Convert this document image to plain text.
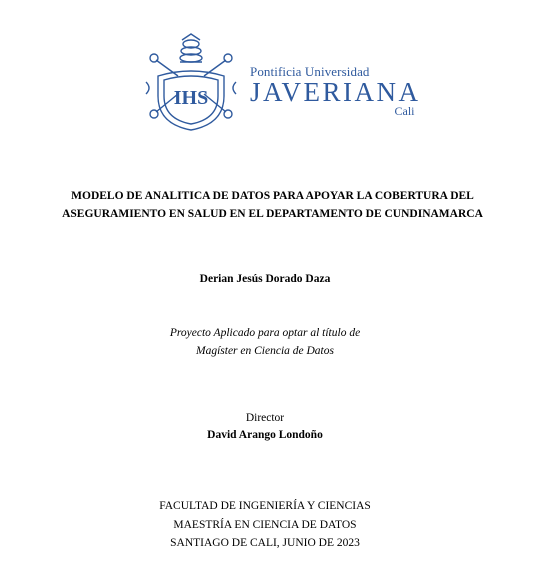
IHS
Pontificia Universidad
JAVERIANA
Cali
MODELO DE ANALITICA DE DATOS PARA APOYAR LA COBERTURA DEL
ASEGURAMIENTO EN SALUD EN EL DEPARTAMENTO DE CUNDINAMARCA
Derian Jesús Dorado Daza
Proyecto Aplicado para optar al título de
Magíster en Ciencia de Datos
Director
David Arango Londoño
FACULTAD DE INGENIERÍA Y CIENCIAS
MAESTRÍA EN CIENCIA DE DATOS
SANTIAGO DE CALI, JUNIO DE 2023
